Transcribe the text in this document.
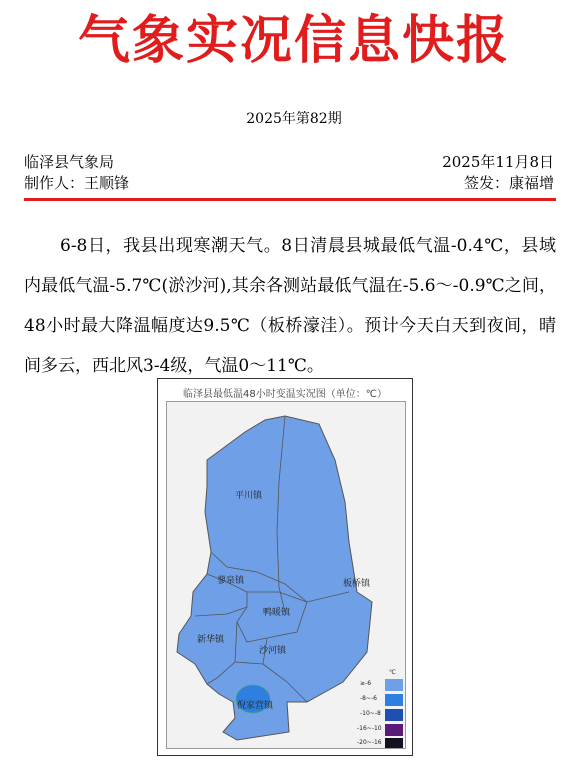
气象实况信息快报
2025年第82期
临泽县气象局	2025年11月8日
制作人：王顺锋	签发：康福增
6-8日，我县出现寒潮天气。8日清晨县城最低气温-0.4℃，县域内最低气温-5.7℃(淤沙河),其余各测站最低气温在-5.6～-0.9℃之间，48小时最大降温幅度达9.5℃（板桥濠洼）。预计今天白天到夜间，晴间多云，西北风3-4级，气温0～11℃。
临泽县最低温48小时变温实况图（单位：℃）
平川镇
蓼泉镇	板桥镇
鸭暖镇
新华镇
沙河镇
倪家营镇
℃
≥-6
-8~-6
-10~-8
-16~-10
-20~-16
